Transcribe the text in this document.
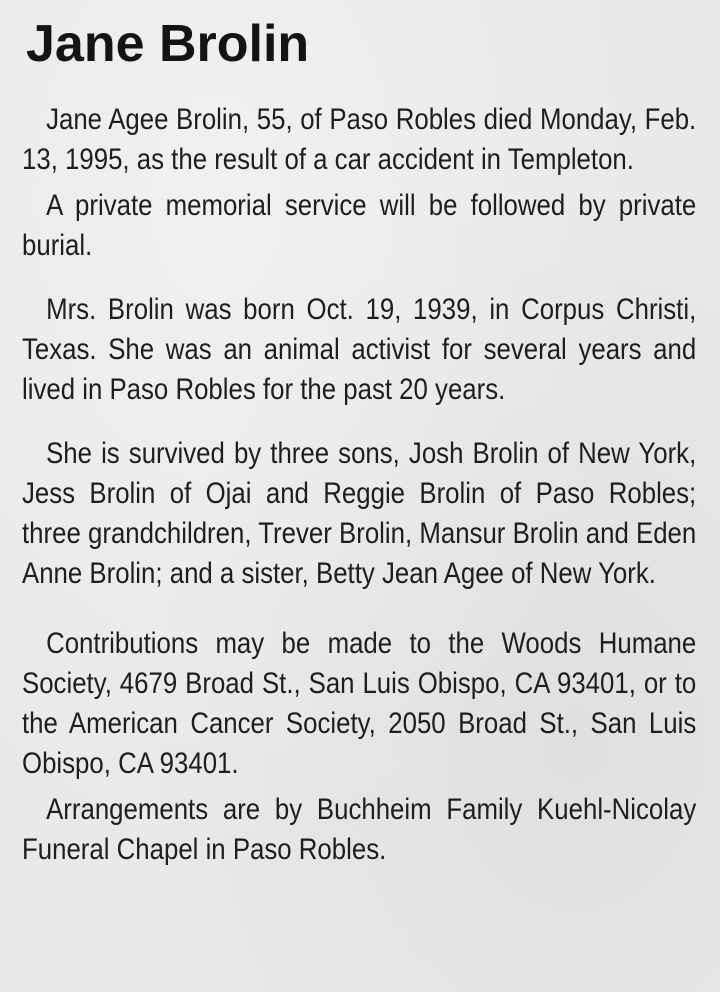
Jane Brolin

Jane Agee Brolin, 55, of Paso Robles died Monday, Feb. 13, 1995, as the result of a car accident in Templeton.

A private memorial service will be followed by private burial.

Mrs. Brolin was born Oct. 19, 1939, in Corpus Christi, Texas. She was an animal activist for several years and lived in Paso Robles for the past 20 years.

She is survived by three sons, Josh Brolin of New York, Jess Brolin of Ojai and Reggie Brolin of Paso Robles; three grandchildren, Trever Brolin, Mansur Brolin and Eden Anne Brolin; and a sister, Betty Jean Agee of New York.

Contributions may be made to the Woods Humane Society, 4679 Broad St., San Luis Obispo, CA 93401, or to the American Cancer Society, 2050 Broad St., San Luis Obispo, CA 93401.

Arrangements are by Buchheim Family Kuehl-Nicolay Funeral Chapel in Paso Robles.
